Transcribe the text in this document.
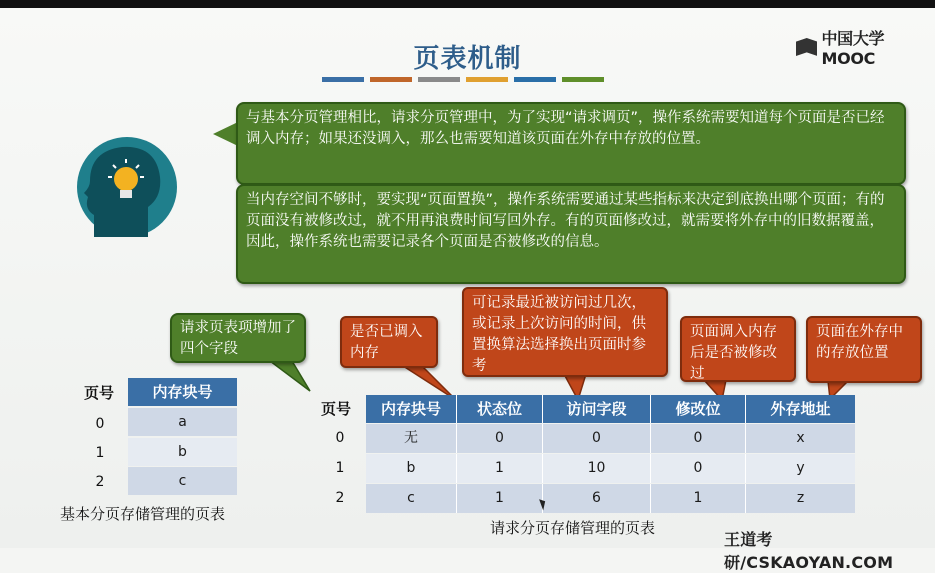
中国大学MOOC
页表机制
与基本分页管理相比，请求分页管理中，为了实现“请求调页”，操作系统需要知道每个页面是否已经调入内存；如果还没调入，那么也需要知道该页面在外存中存放的位置。
当内存空间不够时，要实现“页面置换”，操作系统需要通过某些指标来决定到底换出哪个页面；有的页面没有被修改过，就不用再浪费时间写回外存。有的页面修改过，就需要将外存中的旧数据覆盖，因此，操作系统也需要记录各个页面是否被修改的信息。
请求页表项增加了四个字段
是否已调入内存
可记录最近被访问过几次，或记录上次访问的时间，供置换算法选择换出页面时参考
页面调入内存后是否被修改过
页面在外存中的存放位置
页号	内存块号
0	a
1	b
2	c
基本分页存储管理的页表
页号	内存块号	状态位	访问字段	修改位	外存地址
0	无	0	0	0	x
1	b	1	10	0	y
2	c	1	6	1	z
请求分页存储管理的页表
王道考研/CSKAOYAN.COM
